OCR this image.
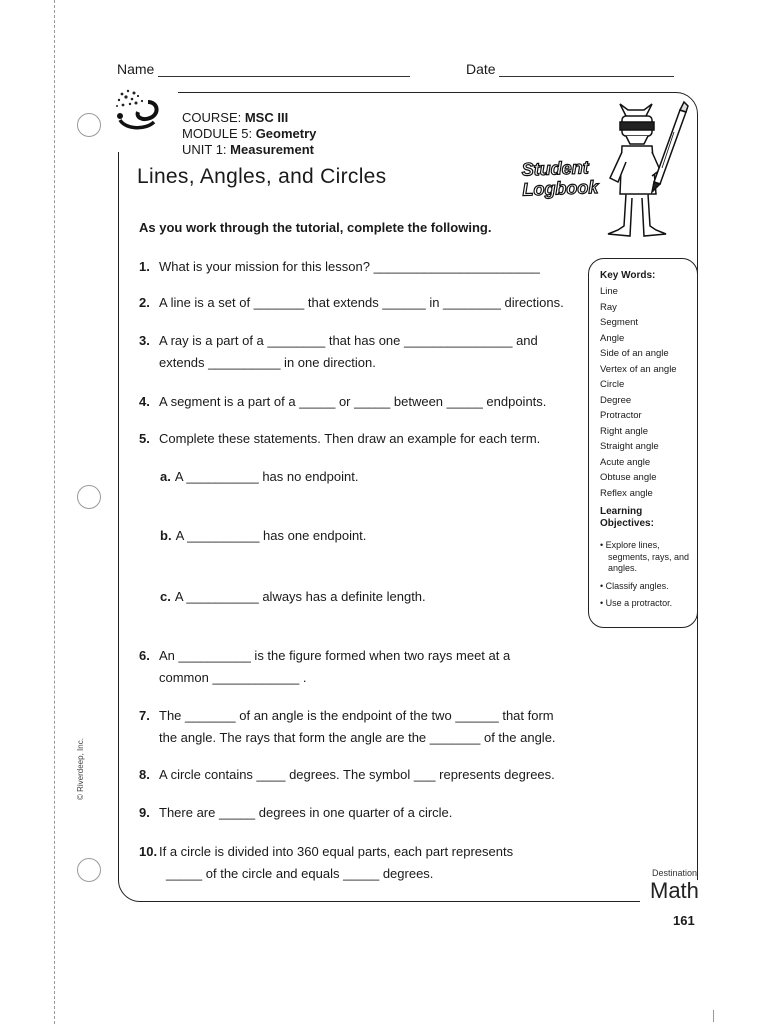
Name	Date
COURSE: MSC III
MODULE 5: Geometry
UNIT 1: Measurement
Lines, Angles, and Circles	Student Logbook
As you work through the tutorial, complete the following.
1. What is your mission for this lesson? _______________________
2. A line is a set of _______ that extends ______ in ________ directions.
3. A ray is a part of a ________ that has one _______________ and
extends __________ in one direction.
4. A segment is a part of a _____ or _____ between _____ endpoints.
5. Complete these statements. Then draw an example for each term.
a. A __________ has no endpoint.
b. A __________ has one endpoint.
c. A __________ always has a definite length.
6. An __________ is the figure formed when two rays meet at a
common ____________ .
7. The _______ of an angle is the endpoint of the two ______ that form
the angle. The rays that form the angle are the _______ of the angle.
8. A circle contains ____ degrees. The symbol ___ represents degrees.
9. There are _____ degrees in one quarter of a circle.
10. If a circle is divided into 360 equal parts, each part represents
_____ of the circle and equals _____ degrees.
Key Words:
Line
Ray
Segment
Angle
Side of an angle
Vertex of an angle
Circle
Degree
Protractor
Right angle
Straight angle
Acute angle
Obtuse angle
Reflex angle
Learning Objectives:
• Explore lines, segments, rays, and angles.
• Classify angles.
• Use a protractor.
© Riverdeep, Inc.
Destination
Math
161
